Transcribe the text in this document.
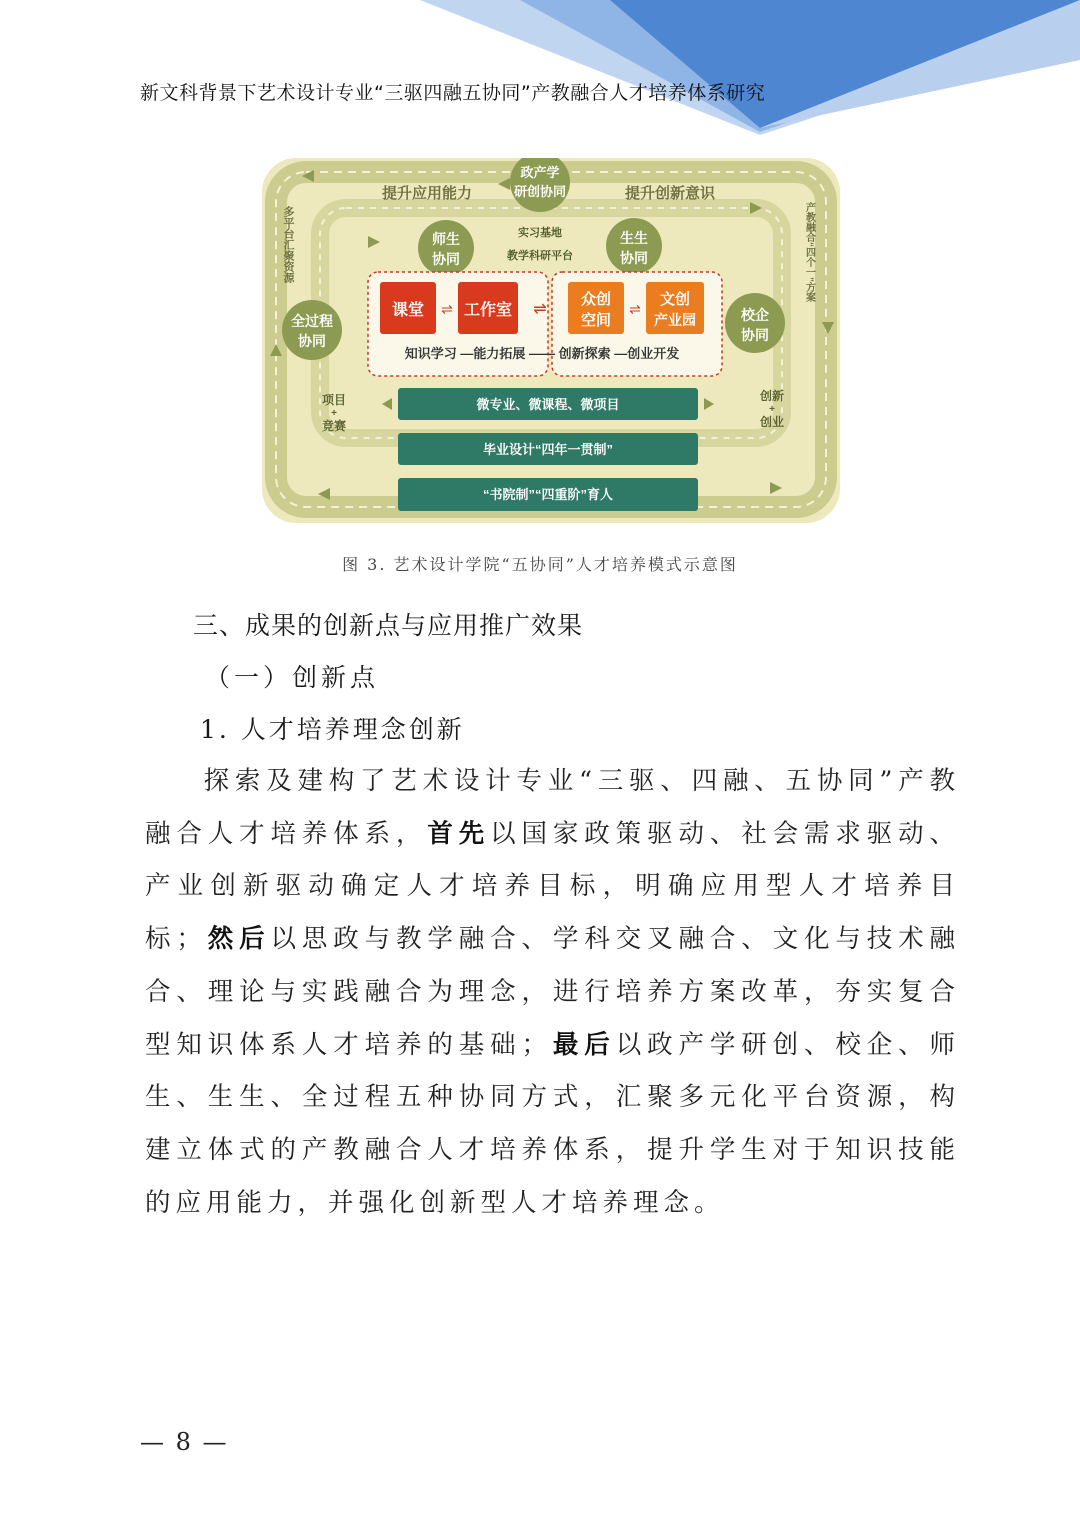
新文科背景下艺术设计专业“三驱四融五协同”产教融合人才培养体系研究
提升应用能力	提升创新意识
政产学
研创协同
多平台汇聚资源	产教融合“四个一”方案
全过程
协同
校企
协同
师生
协同
生生
协同
实习基地
教学科研平台
课堂 工作室
⇌	⇌
众创
空间
文创
产业园
⇌
知识学习 —能力拓展 —— 创新探索 —创业开发
项目
+
竞赛
创新
+
创业
微专业、微课程、微项目
毕业设计“四年一贯制”
“书院制”“四重阶”育人
图 3. 艺术设计学院“五协同”人才培养模式示意图
三、成果的创新点与应用推广效果
（一）创新点
1. 人才培养理念创新

探索及建构了艺术设计专业“三驱、四融、五协同”产教融合人才培养体系，首先以国家政策驱动、社会需求驱动、产业创新驱动确定人才培养目标，明确应用型人才培养目标；然后以思政与教学融合、学科交叉融合、文化与技术融合、理论与实践融合为理念，进行培养方案改革，夯实复合型知识体系人才培养的基础；最后以政产学研创、校企、师生、生生、全过程五种协同方式，汇聚多元化平台资源，构建立体式的产教融合人才培养体系，提升学生对于知识技能的应用能力，并强化创新型人才培养理念。

— 8 —
